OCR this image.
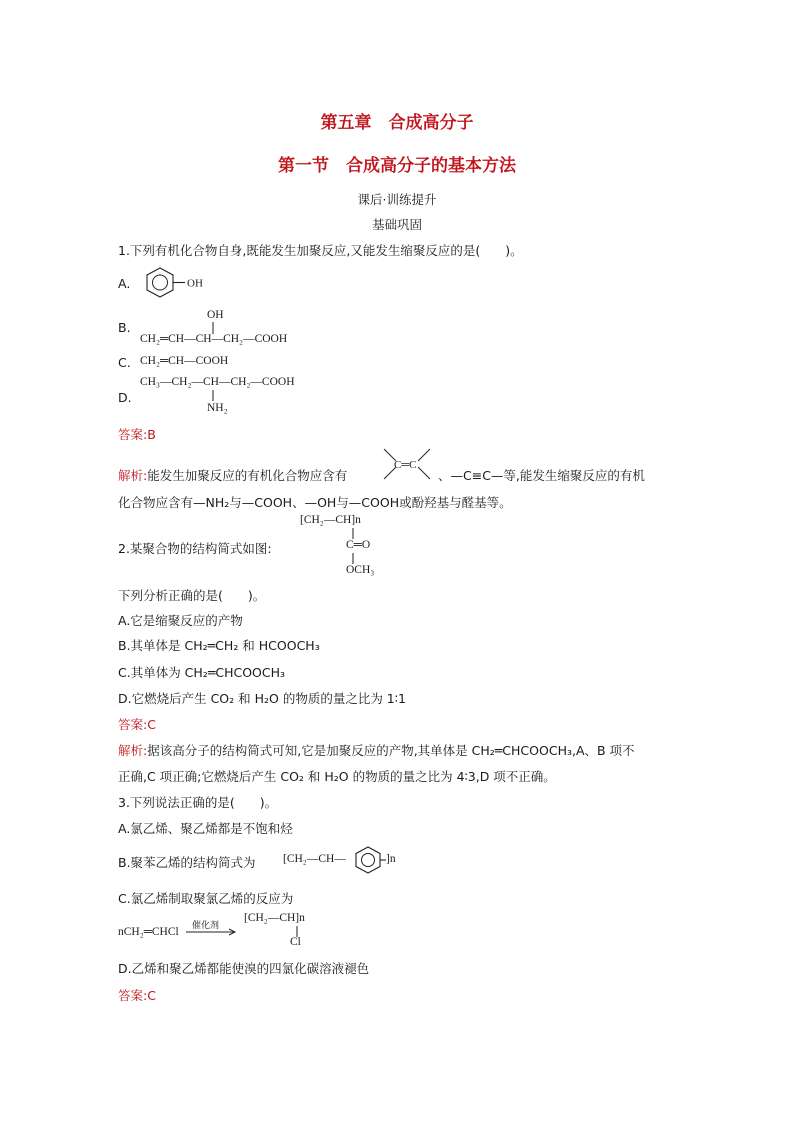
第五章　合成高分子
第一节　合成高分子的基本方法
课后·训练提升
基础巩固
1.下列有机化合物自身,既能发生加聚反应,又能发生缩聚反应的是(　　)。
A.	OH
B.
OH
CH₂═CH—CH—CH₂—COOH
C. CH₂═CH—COOH
D.
CH₃—CH₂—CH—CH₂—COOH
NH₂
答案:B
解析:能发生加聚反应的有机化合物应含有
C═C
、—C≡C—等,能发生缩聚反应的有机
化合物应含有—NH₂与—COOH、—OH与—COOH或酚羟基与醛基等。
[CH₂—CH]n
2.某聚合物的结构简式如图:	C═O
OCH₃
下列分析正确的是(　　)。
A.它是缩聚反应的产物
B.其单体是 CH₂═CH₂ 和 HCOOCH₃
C.其单体为 CH₂═CHCOOCH₃
D.它燃烧后产生 CO₂ 和 H₂O 的物质的量之比为 1∶1
答案:C
解析:据该高分子的结构简式可知,它是加聚反应的产物,其单体是 CH₂═CHCOOCH₃,A、B 项不
正确,C 项正确;它燃烧后产生 CO₂ 和 H₂O 的物质的量之比为 4∶3,D 项不正确。
3.下列说法正确的是(　　)。
A.氯乙烯、聚乙烯都是不饱和烃
B.聚苯乙烯的结构简式为 [CH₂—CH—	]n
C.氯乙烯制取聚氯乙烯的反应为
nCH₂═CHCl 催化剂
[CH₂—CH]n
Cl
D.乙烯和聚乙烯都能使溴的四氯化碳溶液褪色
答案:C
